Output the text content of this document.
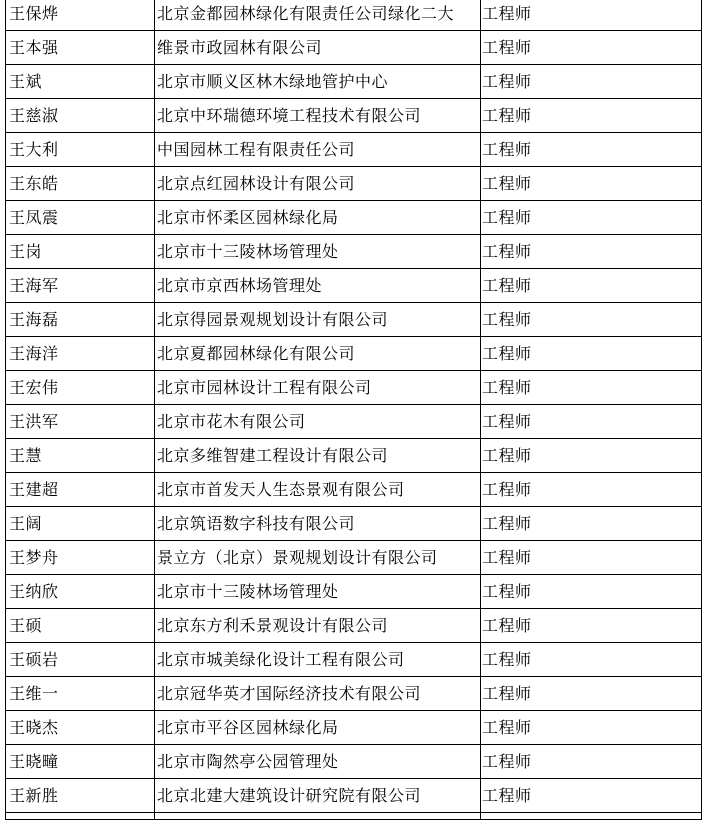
王保烨	北京金都园林绿化有限责任公司绿化二大	工程师
王本强	维景市政园林有限公司	工程师
王斌	北京市顺义区林木绿地管护中心	工程师
王慈淑	北京中环瑞德环境工程技术有限公司	工程师
王大利	中国园林工程有限责任公司	工程师
王东皓	北京点红园林设计有限公司	工程师
王凤震	北京市怀柔区园林绿化局	工程师
王岗	北京市十三陵林场管理处	工程师
王海军	北京市京西林场管理处	工程师
王海磊	北京得园景观规划设计有限公司	工程师
王海洋	北京夏都园林绿化有限公司	工程师
王宏伟	北京市园林设计工程有限公司	工程师
王洪军	北京市花木有限公司	工程师
王慧	北京多维智建工程设计有限公司	工程师
王建超	北京市首发天人生态景观有限公司	工程师
王阔	北京筑语数字科技有限公司	工程师
王梦舟	景立方（北京）景观规划设计有限公司	工程师
王纳欣	北京市十三陵林场管理处	工程师
王硕	北京东方利禾景观设计有限公司	工程师
王硕岩	北京市城美绿化设计工程有限公司	工程师
王维一	北京冠华英才国际经济技术有限公司	工程师
王晓杰	北京市平谷区园林绿化局	工程师
王晓疃	北京市陶然亭公园管理处	工程师
王新胜	北京北建大建筑设计研究院有限公司	工程师
